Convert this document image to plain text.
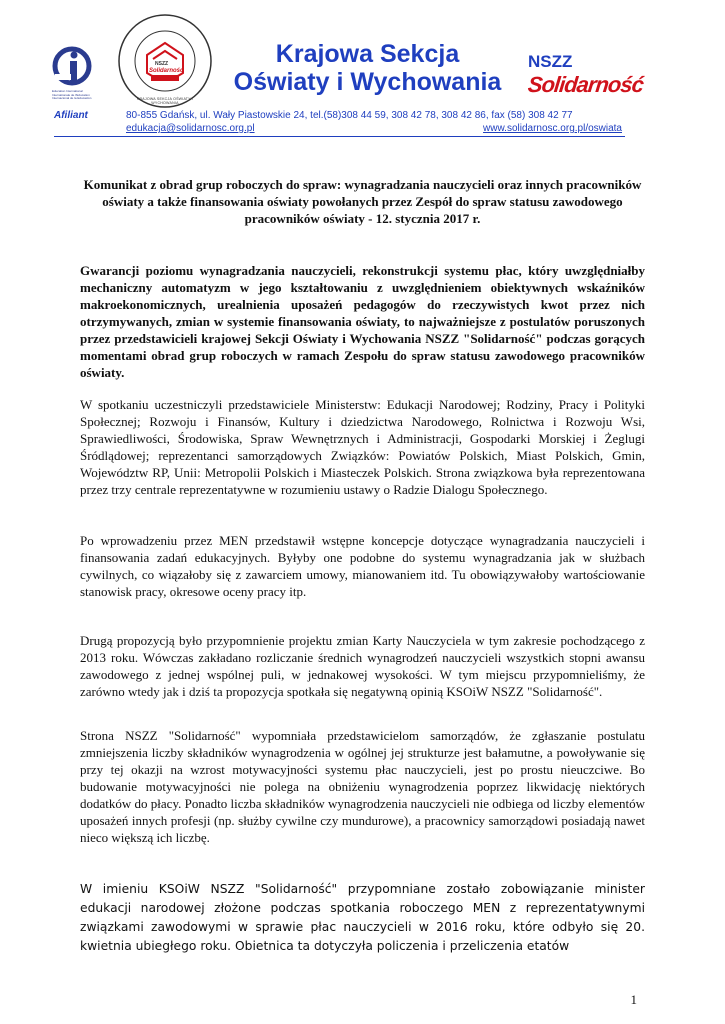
Education International
Internationale de l'Education
Internacional de la Educación
NSZZ
Solidarność
KRAJOWA SEKCJA OŚWIATY I WYCHOWANIA
Krajowa Sekcja
Oświaty i Wychowania
NSZZ
Solidarność
Afiliant	80-855 Gdańsk, ul. Wały Piastowskie 24, tel.(58)308 44 59, 308 42 78, 308 42 86, fax (58) 308 42 77
edukacja@solidarnosc.org.pl	www.solidarnosc.org.pl/oswiata
Komunikat z obrad grup roboczych do spraw: wynagradzania nauczycieli oraz innych pracowników oświaty a także finansowania oświaty powołanych przez Zespół do spraw statusu zawodowego pracowników oświaty - 12. stycznia 2017 r.
Gwarancji poziomu wynagradzania nauczycieli, rekonstrukcji systemu płac, który uwzględniałby mechaniczny automatyzm w jego kształtowaniu z uwzględnieniem obiektywnych wskaźników makroekonomicznych, urealnienia uposażeń pedagogów do rzeczywistych kwot przez nich otrzymywanych, zmian w systemie finansowania oświaty, to najważniejsze z postulatów poruszonych przez przedstawicieli krajowej Sekcji Oświaty i Wychowania NSZZ "Solidarność" podczas gorących momentami obrad grup roboczych w ramach Zespołu do spraw statusu zawodowego pracowników oświaty.
W spotkaniu uczestniczyli przedstawiciele Ministerstw: Edukacji Narodowej; Rodziny, Pracy i Polityki Społecznej; Rozwoju i Finansów, Kultury i dziedzictwa Narodowego, Rolnictwa i Rozwoju Wsi, Sprawiedliwości, Środowiska, Spraw Wewnętrznych i Administracji, Gospodarki Morskiej i Żeglugi Śródlądowej; reprezentanci samorządowych Związków: Powiatów Polskich, Miast Polskich, Gmin, Województw RP, Unii: Metropolii Polskich i Miasteczek Polskich. Strona związkowa była reprezentowana przez trzy centrale reprezentatywne w rozumieniu ustawy o Radzie Dialogu Społecznego.
Po wprowadzeniu przez MEN przedstawił wstępne koncepcje dotyczące wynagradzania nauczycieli i finansowania zadań edukacyjnych. Byłyby one podobne do systemu wynagradzania jak w służbach cywilnych, co wiązałoby się z zawarciem umowy, mianowaniem itd. Tu obowiązywałoby wartościowanie stanowisk pracy, okresowe oceny pracy itp.
Drugą propozycją było przypomnienie projektu zmian Karty Nauczyciela w tym zakresie pochodzącego z 2013 roku. Wówczas zakładano rozliczanie średnich wynagrodzeń nauczycieli wszystkich stopni awansu zawodowego z jednej wspólnej puli, w jednakowej wysokości. W tym miejscu przypomnieliśmy, że zarówno wtedy jak i dziś ta propozycja spotkała się negatywną opinią KSOiW NSZZ "Solidarność".
Strona NSZZ "Solidarność" wypomniała przedstawicielom samorządów, że zgłaszanie postulatu zmniejszenia liczby składników wynagrodzenia w ogólnej jej strukturze jest bałamutne, a powoływanie się przy tej okazji na wzrost motywacyjności systemu płac nauczycieli, jest po prostu nieuczciwe. Bo budowanie motywacyjności nie polega na obniżeniu wynagrodzenia poprzez likwidację niektórych dodatków do płacy. Ponadto liczba składników wynagrodzenia nauczycieli nie odbiega od liczby elementów uposażeń innych profesji (np. służby cywilne czy mundurowe), a pracownicy samorządowi posiadają nawet nieco większą ich liczbę.
W imieniu KSOiW NSZZ "Solidarność" przypomniane zostało zobowiązanie minister edukacji narodowej złożone podczas spotkania roboczego MEN z reprezentatywnymi związkami zawodowymi w sprawie płac nauczycieli w 2016 roku, które odbyło się 20. kwietnia ubiegłego roku. Obietnica ta dotyczyła policzenia i przeliczenia etatów
1
